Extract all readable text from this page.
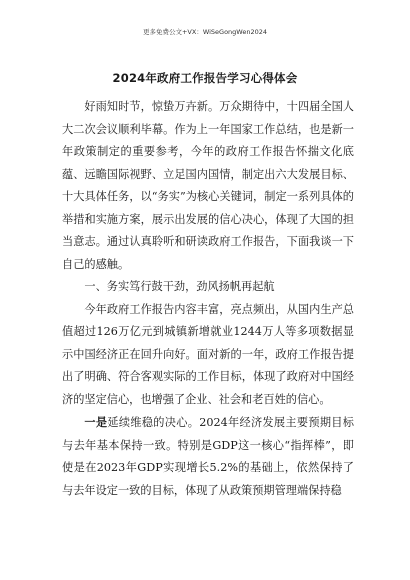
更多免费公文+VX：WiSeGongWen2024
2024年政府工作报告学习心得体会

好雨知时节，惊蛰万卉新。万众期待中，十四届全国人大二次会议顺利毕幕。作为上一年国家工作总结，也是新一年政策制定的重要参考，今年的政府工作报告怀揣文化底蕴、远瞻国际视野、立足国内国情，制定出六大发展目标、十大具体任务，以“务实”为核心关键词，制定一系列具体的举措和实施方案，展示出发展的信心决心，体现了大国的担当意志。通过认真聆听和研读政府工作报告，下面我谈一下自己的感触。

一、务实笃行鼓干劲，劲风扬帆再起航

今年政府工作报告内容丰富，亮点频出，从国内生产总值超过126万亿元到城镇新增就业1244万人等多项数据显示中国经济正在回升向好。面对新的一年，政府工作报告提出了明确、符合客观实际的工作目标，体现了政府对中国经济的坚定信心，也增强了企业、社会和老百姓的信心。

一是延续维稳的决心。2024年经济发展主要预期目标与去年基本保持一致。特别是GDP这一核心“指挥棒”，即使是在2023年GDP实现增长5.2%的基础上，依然保持了与去年设定一致的目标，体现了从政策预期管理端保持稳
